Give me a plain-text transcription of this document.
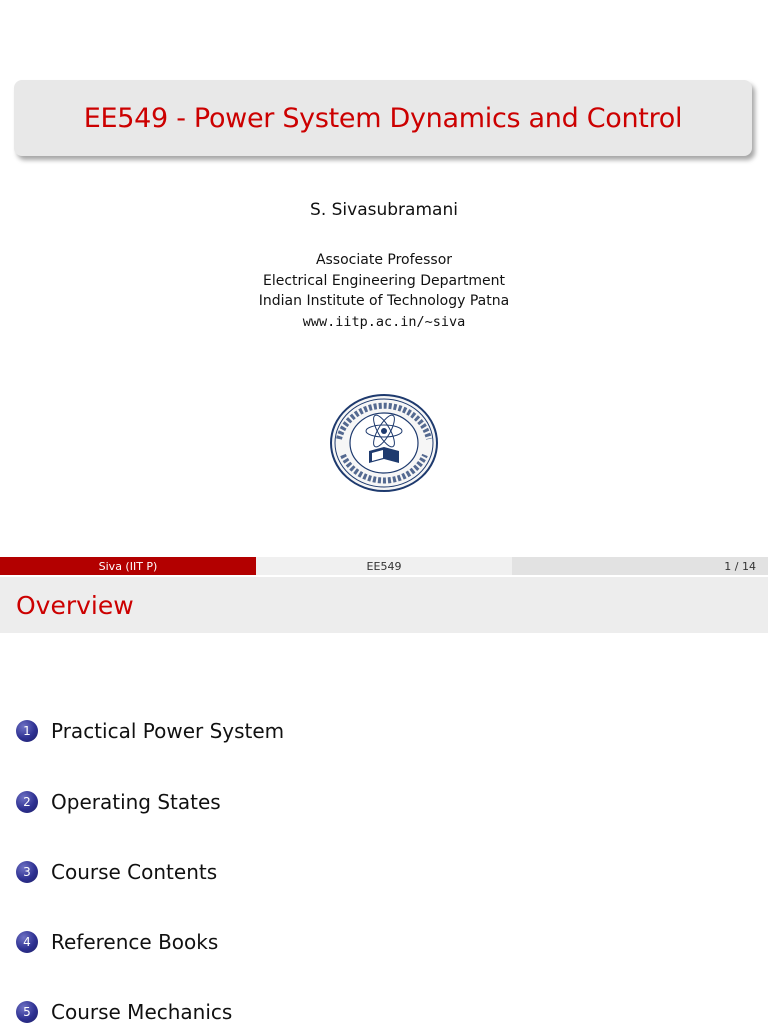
EE549 - Power System Dynamics and Control
S. Sivasubramani
Associate Professor
Electrical Engineering Department
Indian Institute of Technology Patna
www.iitp.ac.in/~siva
Siva (IIT P)	EE549	1 / 14
Overview
1	Practical Power System
2	Operating States
3	Course Contents
4	Reference Books
5	Course Mechanics
